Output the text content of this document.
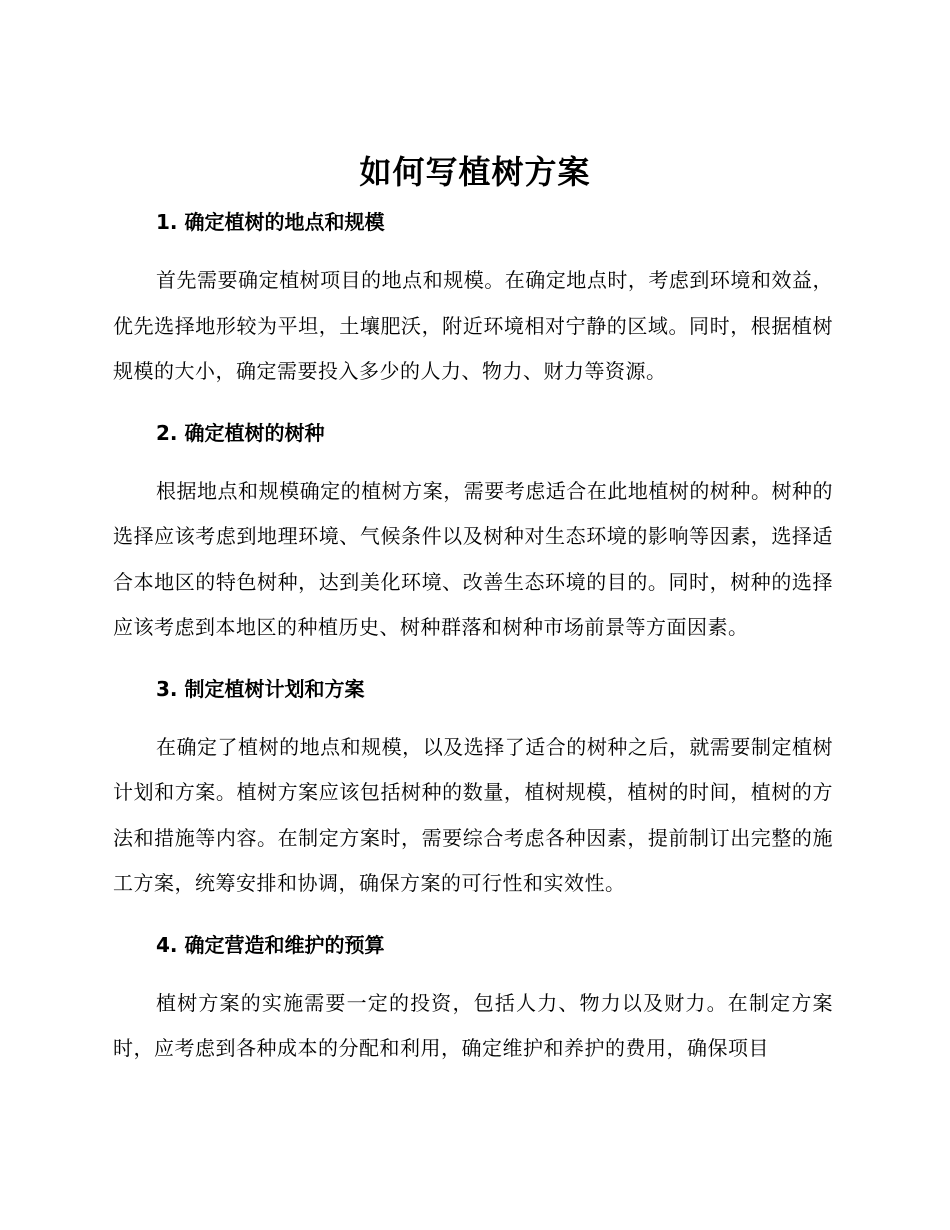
如何写植树方案
1. 确定植树的地点和规模

首先需要确定植树项目的地点和规模。在确定地点时，考虑到环境和效益，优先选择地形较为平坦，土壤肥沃，附近环境相对宁静的区域。同时，根据植树规模的大小，确定需要投入多少的人力、物力、财力等资源。

2. 确定植树的树种

根据地点和规模确定的植树方案，需要考虑适合在此地植树的树种。树种的选择应该考虑到地理环境、气候条件以及树种对生态环境的影响等因素，选择适合本地区的特色树种，达到美化环境、改善生态环境的目的。同时，树种的选择应该考虑到本地区的种植历史、树种群落和树种市场前景等方面因素。

3. 制定植树计划和方案

在确定了植树的地点和规模，以及选择了适合的树种之后，就需要制定植树计划和方案。植树方案应该包括树种的数量，植树规模，植树的时间，植树的方法和措施等内容。在制定方案时，需要综合考虑各种因素，提前制订出完整的施工方案，统筹安排和协调，确保方案的可行性和实效性。

4. 确定营造和维护的预算

植树方案的实施需要一定的投资，包括人力、物力以及财力。在制定方案时，应考虑到各种成本的分配和利用，确定维护和养护的费用，确保项目
